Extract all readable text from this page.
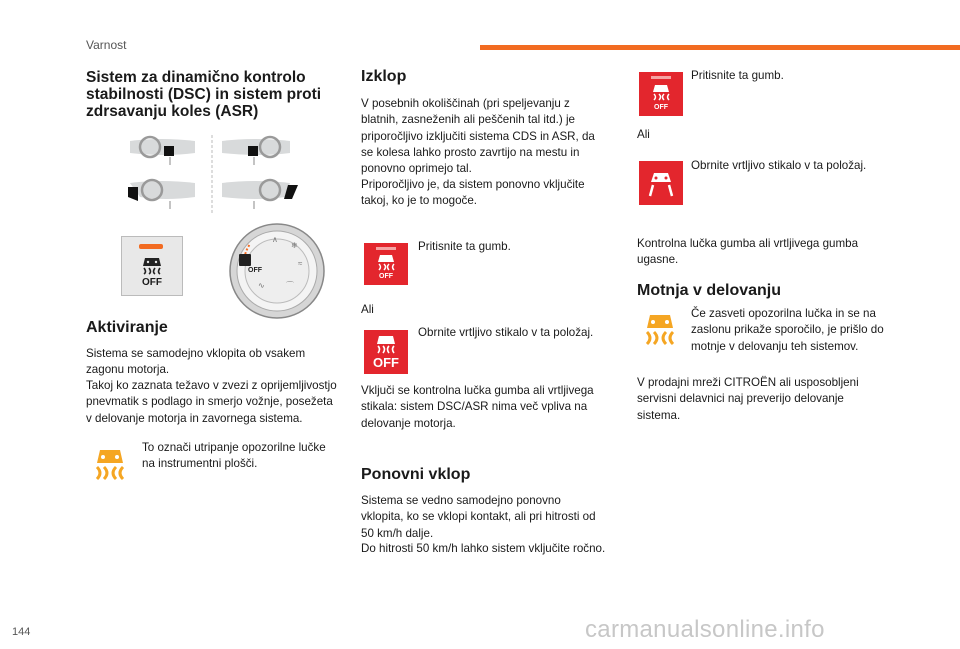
Varnost
Sistem za dinamično kontrolo stabilnosti (DSC) in sistem proti zdrsavanju koles (ASR)
OFF
OFF
∧
❄
≈
⌒
∿
Aktiviranje
Sistema se samodejno vklopita ob vsakem zagonu motorja.
Takoj ko zaznata težavo v zvezi z oprijemljivostjo pnevmatik s podlago in smerjo vožnje, posežeta v delovanje motorja in zavornega sistema.
To označi utripanje opozorilne lučke na instrumentni plošči.
Izklop
V posebnih okoliščinah (pri speljevanju z blatnih, zasneženih ali peščenih tal itd.) je priporočljivo izključiti sistema CDS in ASR, da se kolesa lahko prosto zavrtijo na mestu in ponovno oprimejo tal.
Priporočljivo je, da sistem ponovno vključite takoj, ko je to mogoče.
OFF
Pritisnite ta gumb.
Ali
OFF
Obrnite vrtljivo stikalo v ta položaj.
Vključi se kontrolna lučka gumba ali vrtljivega stikala: sistem DSC/ASR nima več vpliva na delovanje motorja.
Ponovni vklop
Sistema se vedno samodejno ponovno vklopita, ko se vklopi kontakt, ali pri hitrosti od 50 km/h dalje.
Do hitrosti 50 km/h lahko sistem vključite ročno.
OFF
Pritisnite ta gumb.
Ali
Obrnite vrtljivo stikalo v ta položaj.
Kontrolna lučka gumba ali vrtljivega gumba ugasne.
Motnja v delovanju
Če zasveti opozorilna lučka in se na zaslonu prikaže sporočilo, je prišlo do motnje v delovanju teh sistemov.
V prodajni mreži CITROËN ali usposobljeni servisni delavnici naj preverijo delovanje sistema.
144	carmanualsonline.info
